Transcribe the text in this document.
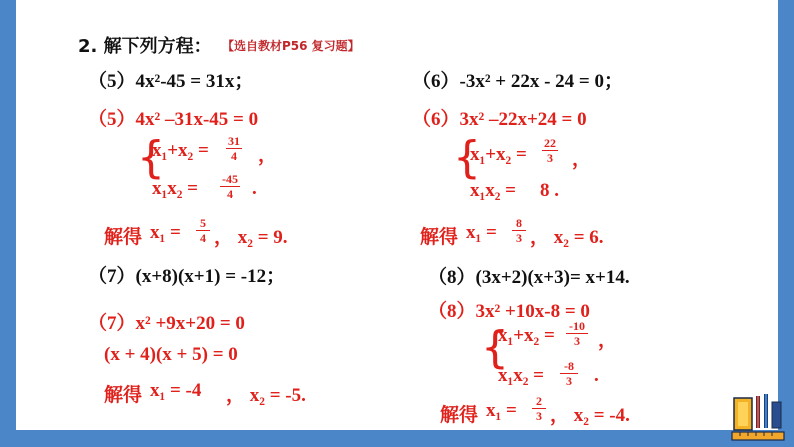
2. 解下列方程： 【选自教材P56 复习题】
（5）4x²-45 = 31x；
（5）4x² –31x-45 = 0
{
$x_1+x_2 = \frac{31}{4}$ ，
$x_1x_2 = \frac{-45}{4}$ .
解得 $x_1 = \frac{5}{4}$ ， x₂ = 9.
（6）-3x² + 22x - 24 = 0；
（6）3x² –22x+24 = 0
{
$x_1+x_2 = \frac{22}{3}$ ，
x₁x₂ = 8 .
解得 $x_1 = \frac{8}{3}$ ， x₂ = 6.
（7）(x+8)(x+1) = -12；
（7）x² +9x+20 = 0
(x + 4)(x + 5) = 0
解得 x₁ = -4 ， x₂ = -5.
（8）(3x+2)(x+3)= x+14.
（8）3x² +10x-8 = 0
{
$x_1+x_2 = \frac{-10}{3}$ ，
$x_1x_2 = \frac{-8}{3}$ .
解得 $x_1 = \frac{2}{3}$ ， x₂ = -4.
